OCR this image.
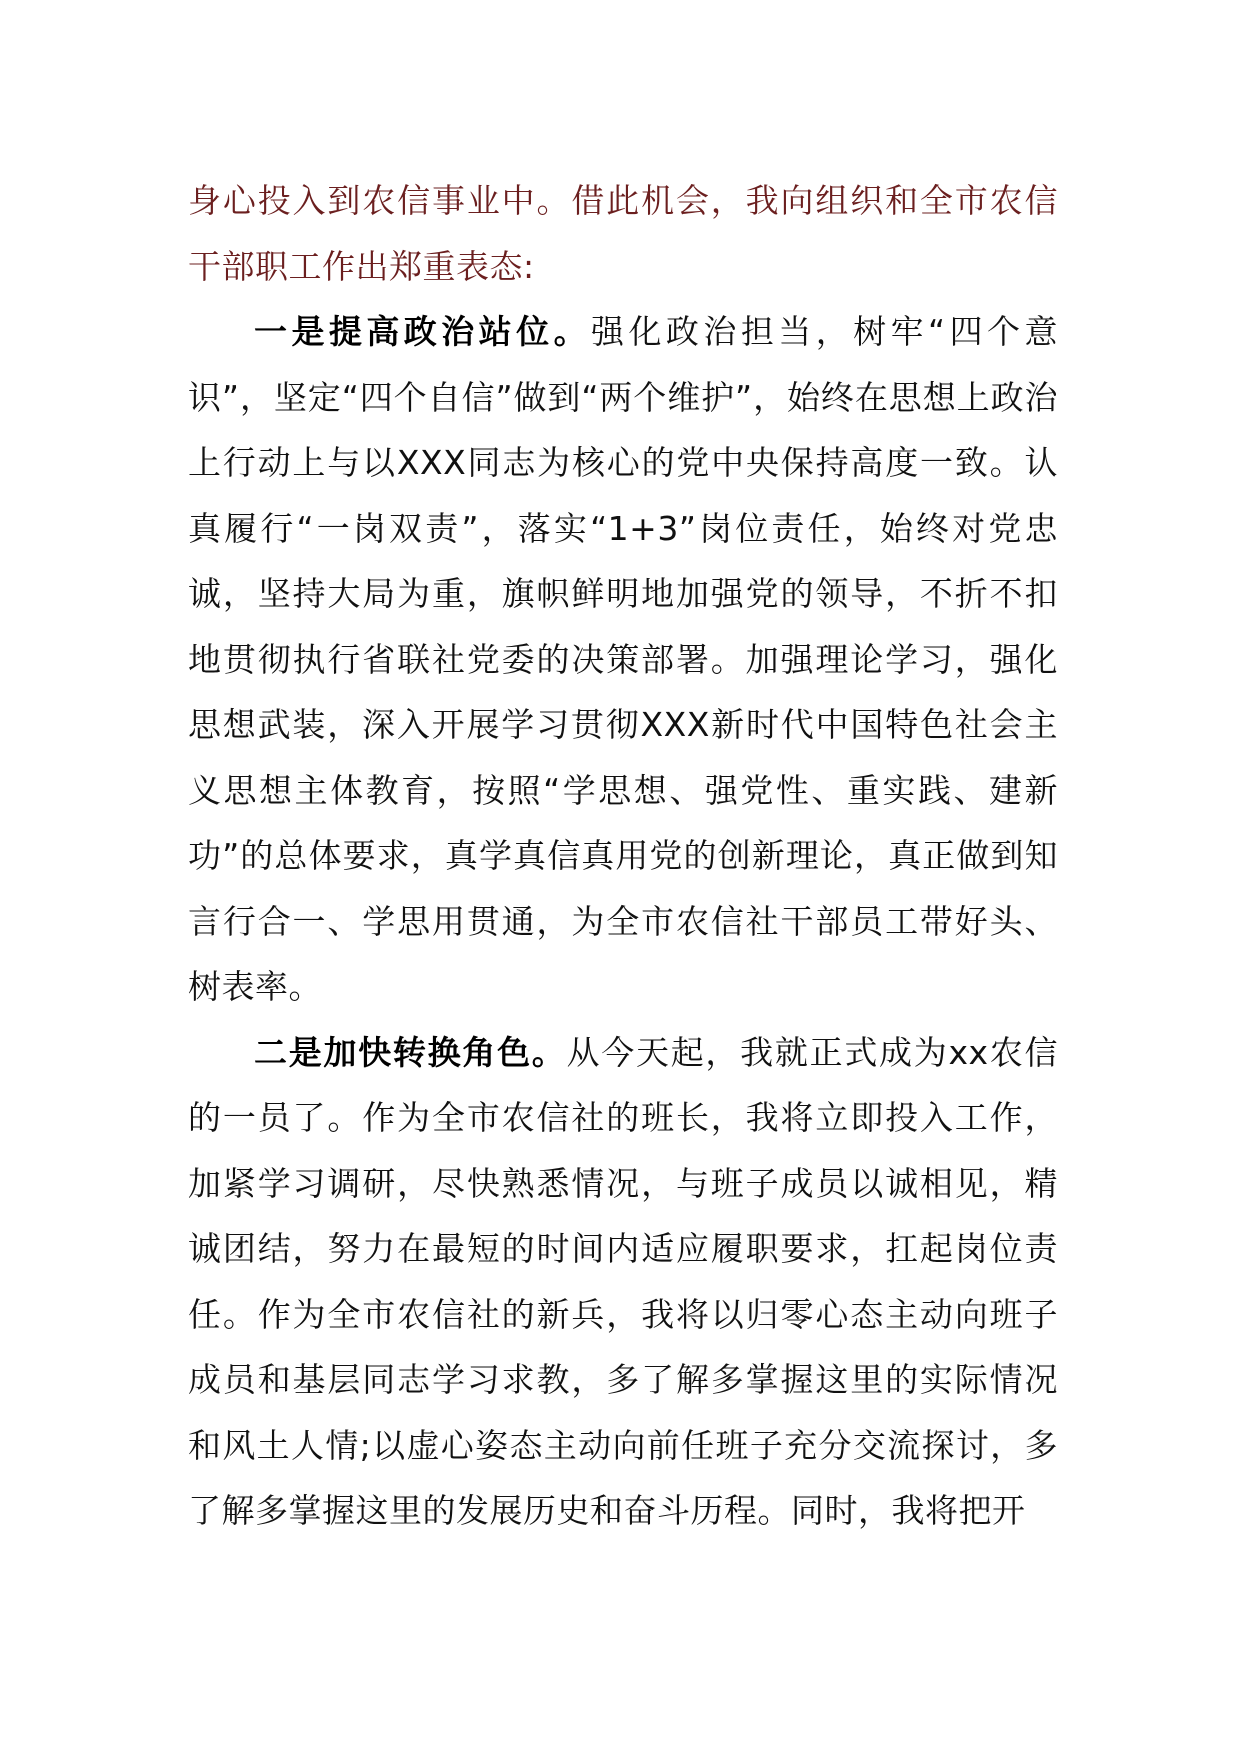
身心投入到农信事业中。借此机会，我向组织和全市农信干部职工作出郑重表态:

一是提高政治站位。强化政治担当，树牢“四个意识”，坚定“四个自信”做到“两个维护”，始终在思想上政治上行动上与以XXX同志为核心的党中央保持高度一致。认真履行“一岗双责”，落实“1+3”岗位责任，始终对党忠诚，坚持大局为重，旗帜鲜明地加强党的领导，不折不扣地贯彻执行省联社党委的决策部署。加强理论学习，强化思想武装，深入开展学习贯彻XXX新时代中国特色社会主义思想主体教育，按照“学思想、强党性、重实践、建新功”的总体要求，真学真信真用党的创新理论，真正做到知言行合一、学思用贯通，为全市农信社干部员工带好头、树表率。

二是加快转换角色。从今天起，我就正式成为xx农信的一员了。作为全市农信社的班长，我将立即投入工作，加紧学习调研，尽快熟悉情况，与班子成员以诚相见，精诚团结，努力在最短的时间内适应履职要求，扛起岗位责任。作为全市农信社的新兵，我将以归零心态主动向班子成员和基层同志学习求教，多了解多掌握这里的实际情况和风土人情;以虚心姿态主动向前任班子充分交流探讨，多了解多掌握这里的发展历史和奋斗历程。同时，我将把开
